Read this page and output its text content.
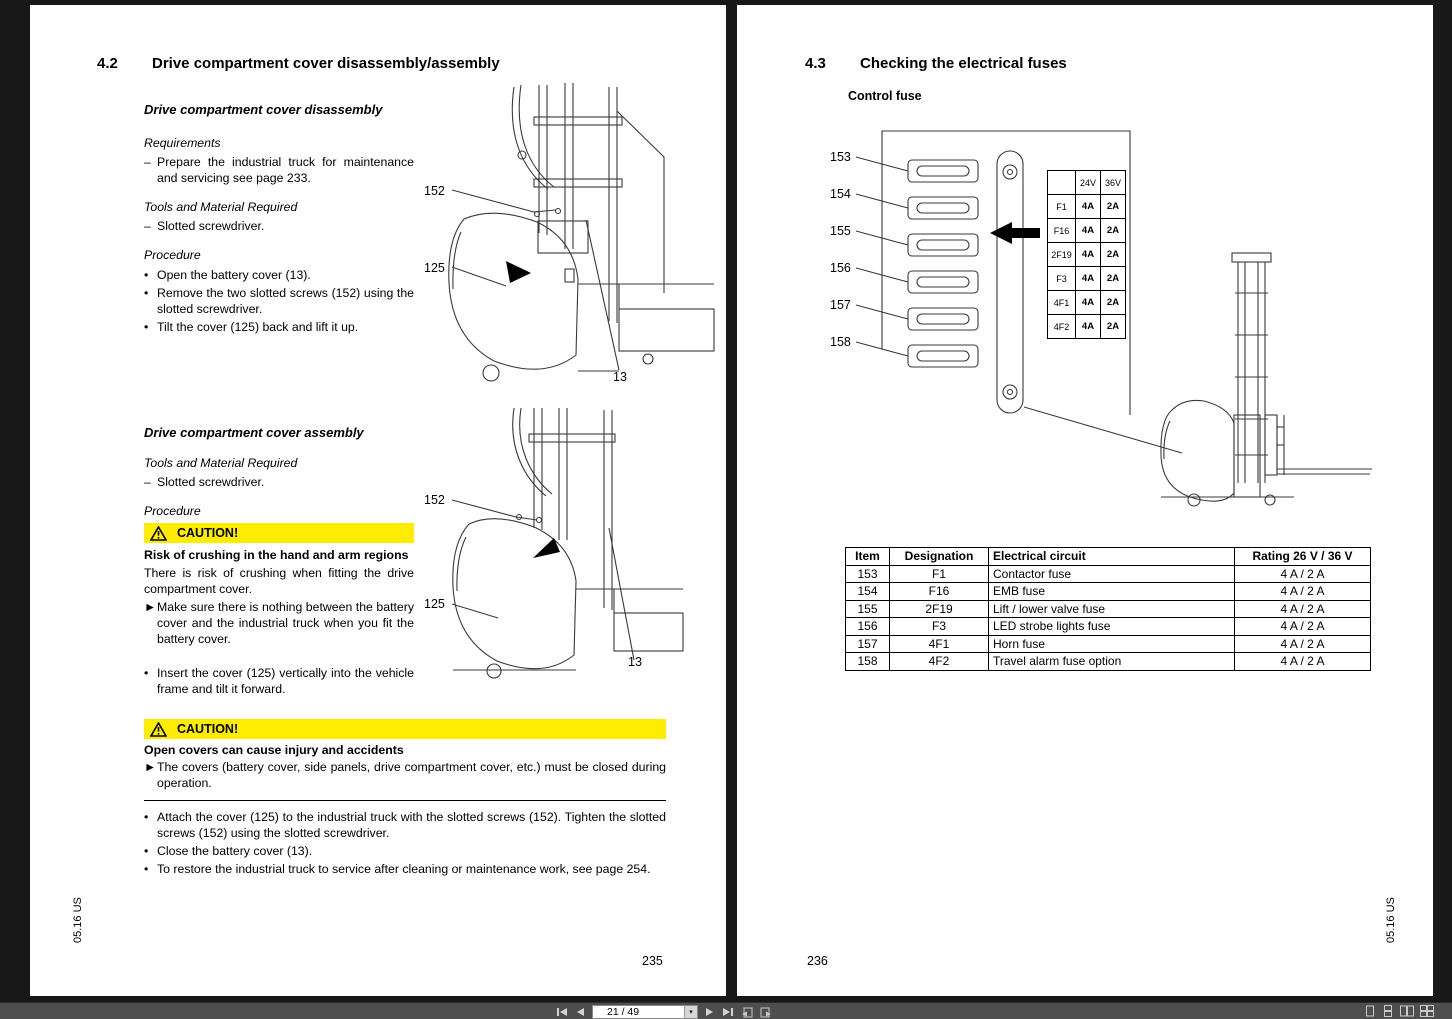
4.2	Drive compartment cover disassembly/assembly

Drive compartment cover disassembly

Requirements

– Prepare the industrial truck for maintenance and servicing see page 233.

Tools and Material Required

– Slotted screwdriver.

Procedure

• Open the battery cover (13).
• Remove the two slotted screws (152) using the slotted screwdriver.
• Tilt the cover (125) back and lift it up.
152
125
13

Drive compartment cover assembly

Tools and Material Required

– Slotted screwdriver.

Procedure

CAUTION!

Risk of crushing in the hand and arm regions

There is risk of crushing when fitting the drive compartment cover.

► Make sure there is nothing between the battery cover and the industrial truck when you fit the battery cover.
• Insert the cover (125) vertically into the vehicle frame and tilt it forward.
152
125
13
CAUTION!

Open covers can cause injury and accidents

► The covers (battery cover, side panels, drive compartment cover, etc.) must be closed during operation.
• Attach the cover (125) to the industrial truck with the slotted screws (152). Tighten the slotted screws (152) using the slotted screwdriver.
• Close the battery cover (13).
• To restore the industrial truck to service after cleaning or maintenance work, see page 254.
05.16 US
235
4.3	Checking the electrical fuses

Control fuse

153
154
155
156
157
158
24V 36V
F1	4A	2A
F16	4A	2A
2F19	4A	2A
F3	4A	2A
4F1	4A	2A
4F2	4A	2A
Item	Designation	Electrical circuit	Rating 26 V / 36 V
153	F1	Contactor fuse	4 A / 2 A
154	F16	EMB fuse	4 A / 2 A
155	2F19	Lift / lower valve fuse	4 A / 2 A
156	F3	LED strobe lights fuse	4 A / 2 A
157	4F1	Horn fuse	4 A / 2 A
158	4F2	Travel alarm fuse option	4 A / 2 A
05.16 US
236
21 / 49	▾
